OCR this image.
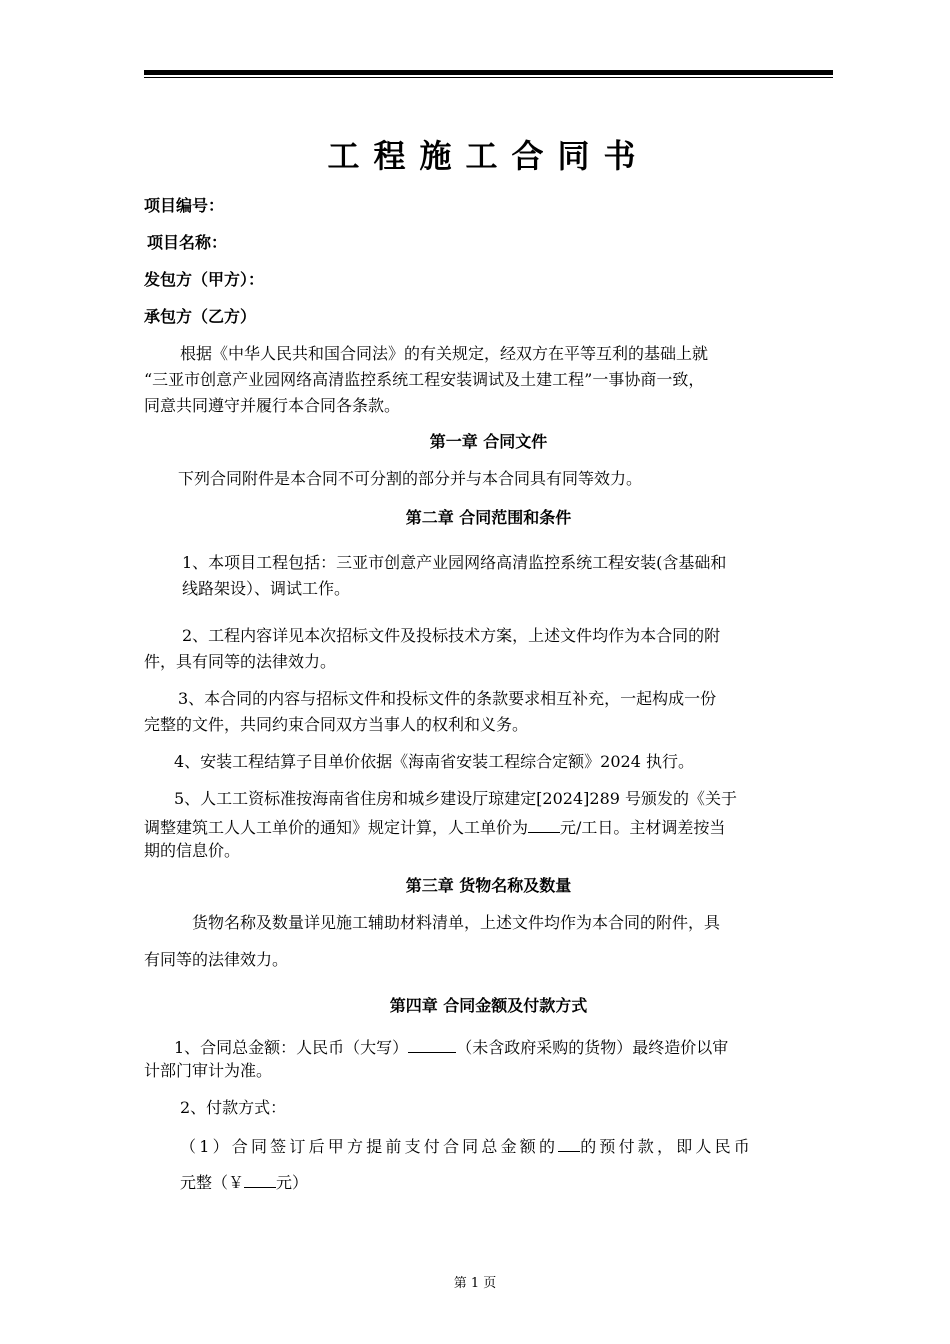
工程施工合同书
项目编号：
项目名称：
发包方（甲方）：
承包方（乙方）
根据《中华人民共和国合同法》的有关规定，经双方在平等互利的基础上就
“三亚市创意产业园网络高清监控系统工程安装调试及土建工程”一事协商一致，
同意共同遵守并履行本合同各条款。
第一章 合同文件
下列合同附件是本合同不可分割的部分并与本合同具有同等效力。
第二章 合同范围和条件
1、本项目工程包括：三亚市创意产业园网络高清监控系统工程安装(含基础和
线路架设）、调试工作。
2、工程内容详见本次招标文件及投标技术方案，上述文件均作为本合同的附
件，具有同等的法律效力。
3、本合同的内容与招标文件和投标文件的条款要求相互补充，一起构成一份
完整的文件，共同约束合同双方当事人的权利和义务。
4、安装工程结算子目单价依据《海南省安装工程综合定额》2024 执行。
5、人工工资标准按海南省住房和城乡建设厅琼建定[2024]289 号颁发的《关于
调整建筑工人人工单价的通知》规定计算，人工单价为 元/工日。主材调差按当
期的信息价。
第三章 货物名称及数量
货物名称及数量详见施工辅助材料清单，上述文件均作为本合同的附件，具
有同等的法律效力。
第四章 合同金额及付款方式
1、合同总金额：人民币（大写）	（未含政府采购的货物）最终造价以审
计部门审计为准。
2、付款方式：
（1）合同签订后甲方提前支付合同总金额的 的预付款，即人民币
元整（￥ 元）
第 1 页
